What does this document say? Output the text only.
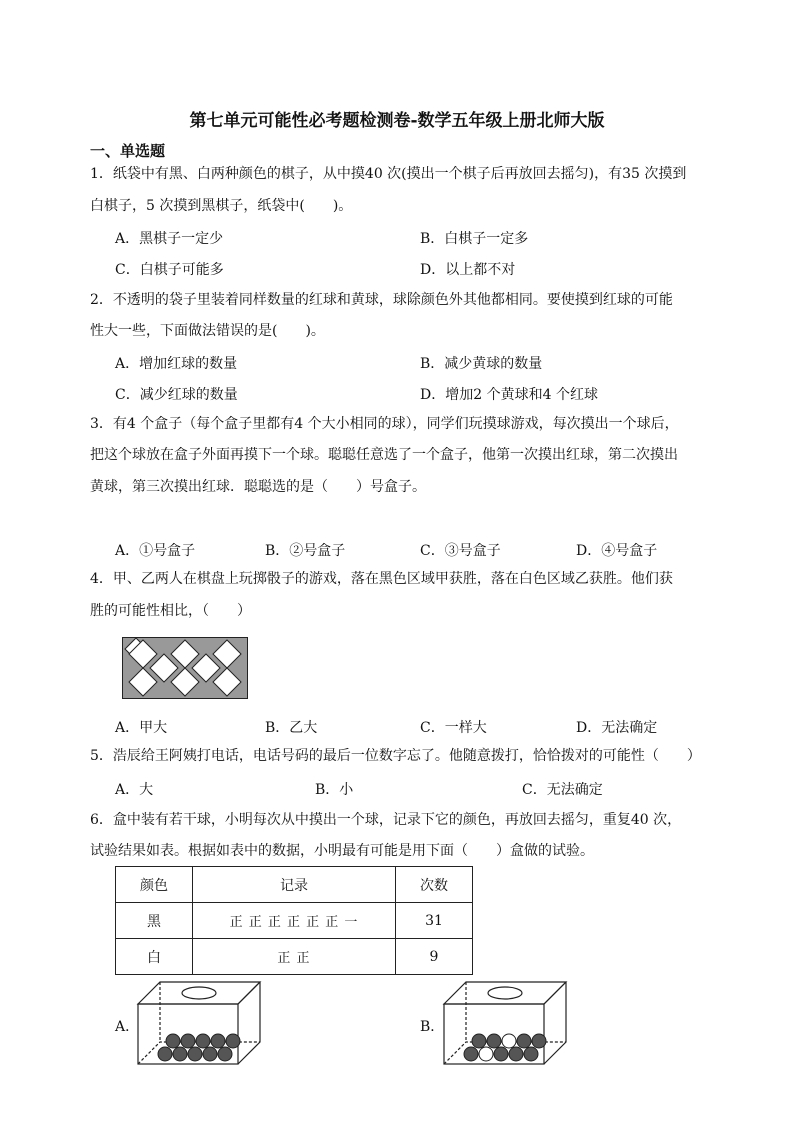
第七单元可能性必考题检测卷-数学五年级上册北师大版
一、单选题
1．纸袋中有黑、白两种颜色的棋子，从中摸40 次(摸出一个棋子后再放回去摇匀)，有35 次摸到
白棋子，5 次摸到黑棋子，纸袋中(　　)。
A．黑棋子一定少	B．白棋子一定多
C．白棋子可能多	D．以上都不对
2．不透明的袋子里装着同样数量的红球和黄球，球除颜色外其他都相同。要使摸到红球的可能
性大一些，下面做法错误的是(　　)。
A．增加红球的数量	B．减少黄球的数量
C．减少红球的数量	D．增加2 个黄球和4 个红球
3．有4 个盒子（每个盒子里都有4 个大小相同的球），同学们玩摸球游戏，每次摸出一个球后，
把这个球放在盒子外面再摸下一个球。聪聪任意选了一个盒子，他第一次摸出红球，第二次摸出
黄球，第三次摸出红球．聪聪选的是（　　）号盒子。
A．①号盒子	B．②号盒子	C．③号盒子	D．④号盒子
4．甲、乙两人在棋盘上玩掷骰子的游戏，落在黑色区域甲获胜，落在白色区域乙获胜。他们获
胜的可能性相比，（　　）
A．甲大	B．乙大	C．一样大	D．无法确定
5．浩辰给王阿姨打电话，电话号码的最后一位数字忘了。他随意拨打，恰恰拨对的可能性（　　）
A．大	B．小	C．无法确定
6．盒中装有若干球，小明每次从中摸出一个球，记录下它的颜色，再放回去摇匀，重复40 次，
试验结果如表。根据如表中的数据，小明最有可能是用下面（　　）盒做的试验。
颜色	记录	次数
黑	正 正 正 正 正 正 一	31
白	正 正	9
A．	B．
